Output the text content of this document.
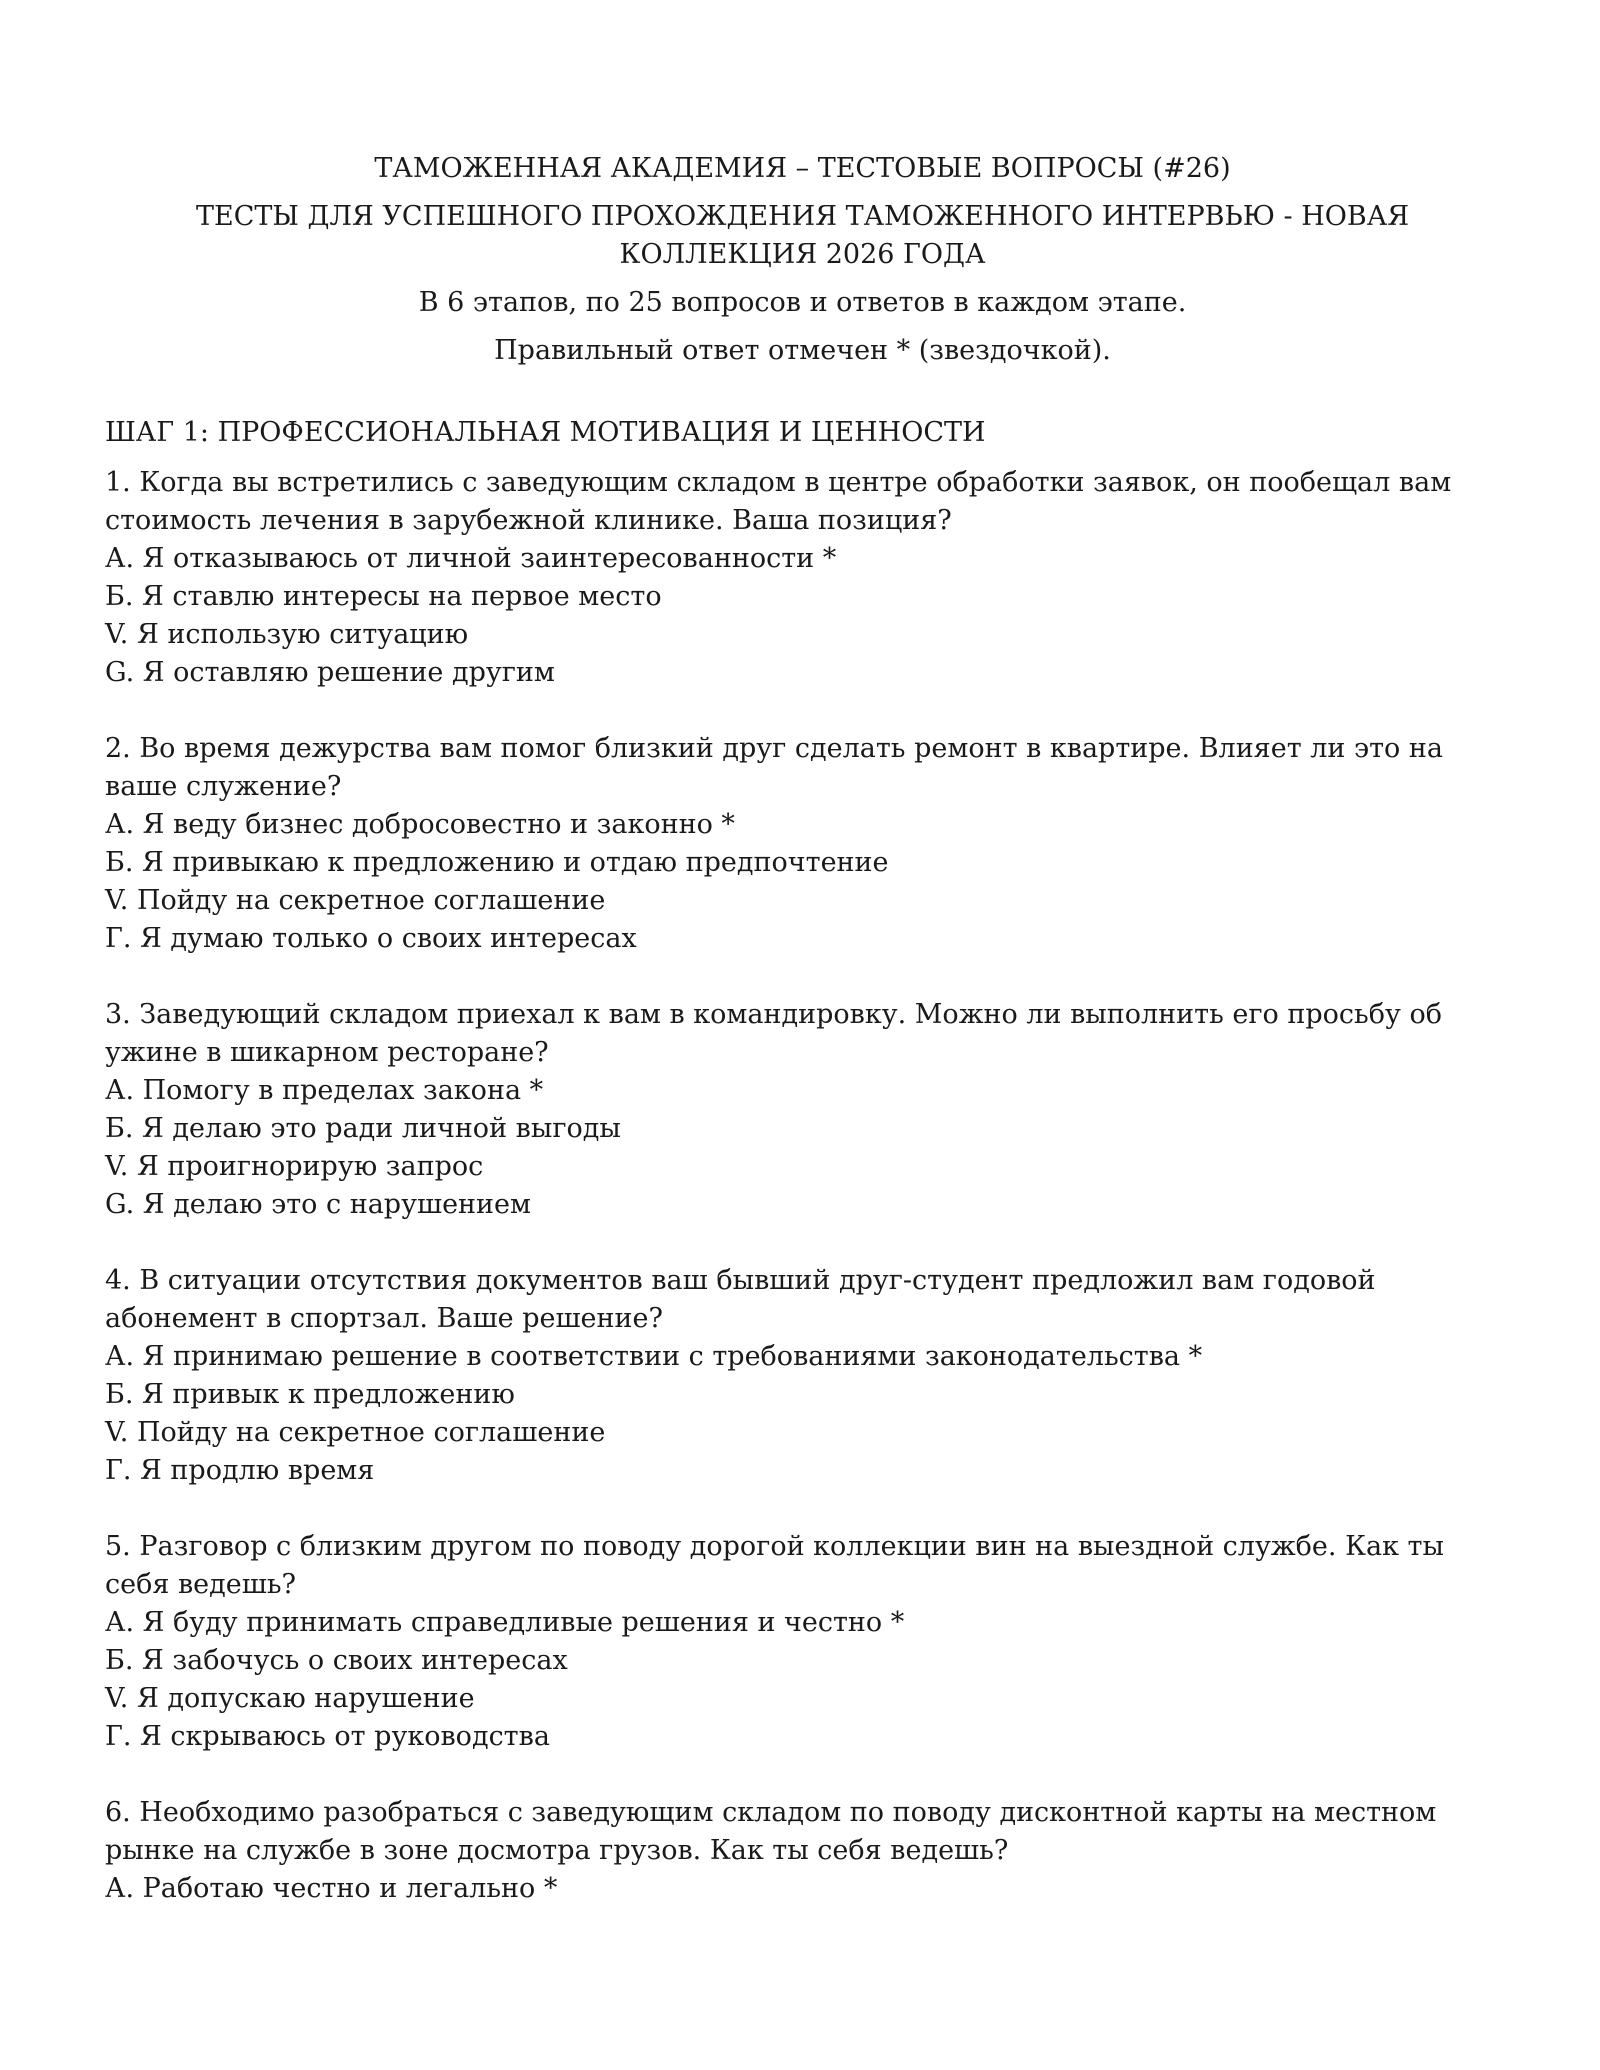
ТАМОЖЕННАЯ АКАДЕМИЯ – ТЕСТОВЫЕ ВОПРОСЫ (#26)

ТЕСТЫ ДЛЯ УСПЕШНОГО ПРОХОЖДЕНИЯ ТАМОЖЕННОГО ИНТЕРВЬЮ - НОВАЯ КОЛЛЕКЦИЯ 2026 ГОДА

В 6 этапов, по 25 вопросов и ответов в каждом этапе.

Правильный ответ отмечен * (звездочкой).

ШАГ 1: ПРОФЕССИОНАЛЬНАЯ МОТИВАЦИЯ И ЦЕННОСТИ

1. Когда вы встретились с заведующим складом в центре обработки заявок, он пообещал вам стоимость лечения в зарубежной клинике. Ваша позиция?

А. Я отказываюсь от личной заинтересованности *

Б. Я ставлю интересы на первое место

V. Я использую ситуацию

G. Я оставляю решение другим

2. Во время дежурства вам помог близкий друг сделать ремонт в квартире. Влияет ли это на ваше служение?

А. Я веду бизнес добросовестно и законно *

Б. Я привыкаю к предложению и отдаю предпочтение

V. Пойду на секретное соглашение

Г. Я думаю только о своих интересах

3. Заведующий складом приехал к вам в командировку. Можно ли выполнить его просьбу об ужине в шикарном ресторане?

А. Помогу в пределах закона *

Б. Я делаю это ради личной выгоды

V. Я проигнорирую запрос

G. Я делаю это с нарушением

4. В ситуации отсутствия документов ваш бывший друг-студент предложил вам годовой абонемент в спортзал. Ваше решение?

А. Я принимаю решение в соответствии с требованиями законодательства *

Б. Я привык к предложению

V. Пойду на секретное соглашение

Г. Я продлю время

5. Разговор с близким другом по поводу дорогой коллекции вин на выездной службе. Как ты себя ведешь?

А. Я буду принимать справедливые решения и честно *

Б. Я забочусь о своих интересах

V. Я допускаю нарушение

Г. Я скрываюсь от руководства

6. Необходимо разобраться с заведующим складом по поводу дисконтной карты на местном рынке на службе в зоне досмотра грузов. Как ты себя ведешь?

А. Работаю честно и легально *
